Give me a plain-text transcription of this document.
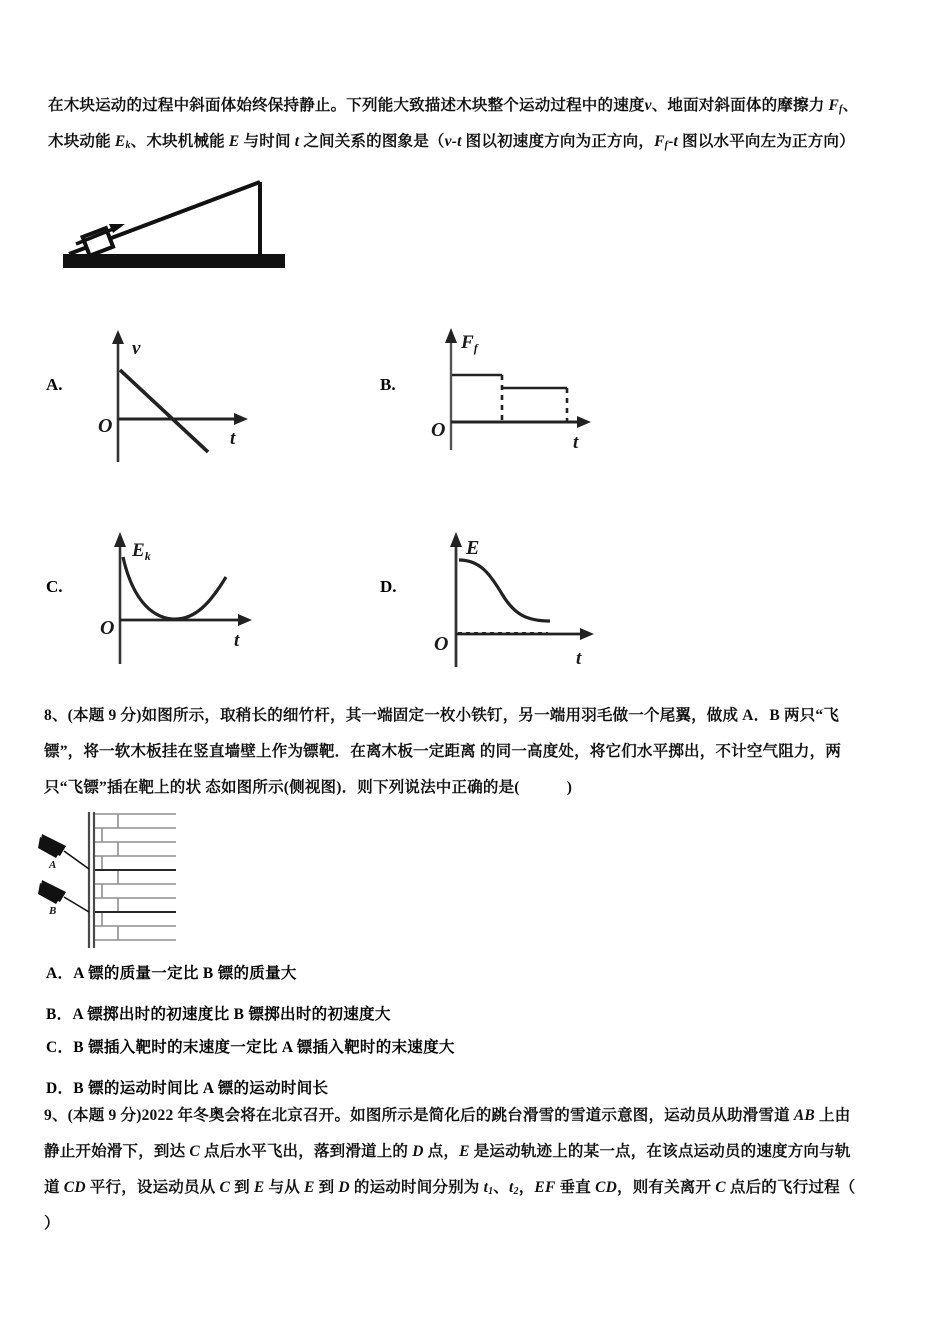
在木块运动的过程中斜面体始终保持静止。下列能大致描述木块整个运动过程中的速度v、地面对斜面体的摩擦力 $F_f$、
木块动能 $E_k$、木块机械能 E 与时间 t 之间关系的图象是（v-t 图以初速度方向为正方向，$F_f-t$ 图以水平向左为正方向）
A.
v
O
t
B.
$F_f$
O
t
C.
$E_k$
O
t
D.
E
O
t
8、(本题 9 分)如图所示，取稍长的细竹杆，其一端固定一枚小铁钉，另一端用羽毛做一个尾翼，做成 A．B 两只“飞
镖”，将一软木板挂在竖直墙壁上作为镖靶．在离木板一定距离 的同一高度处，将它们水平掷出，不计空气阻力，两
只“飞镖”插在靶上的状 态如图所示(侧视图)．则下列说法中正确的是(　　　)
A
B
A．A 镖的质量一定比 B 镖的质量大
B．A 镖掷出时的初速度比 B 镖掷出时的初速度大
C．B 镖插入靶时的末速度一定比 A 镖插入靶时的末速度大
D．B 镖的运动时间比 A 镖的运动时间长
9、(本题 9 分)2022 年冬奥会将在北京召开。如图所示是简化后的跳台滑雪的雪道示意图，运动员从助滑雪道 AB 上由
静止开始滑下，到达 C 点后水平飞出，落到滑道上的 D 点，E 是运动轨迹上的某一点，在该点运动员的速度方向与轨
道 CD 平行，设运动员从 C 到 E 与从 E 到 D 的运动时间分别为 $t_1$、$t_2$，EF 垂直 CD，则有关离开 C 点后的飞行过程（
）
